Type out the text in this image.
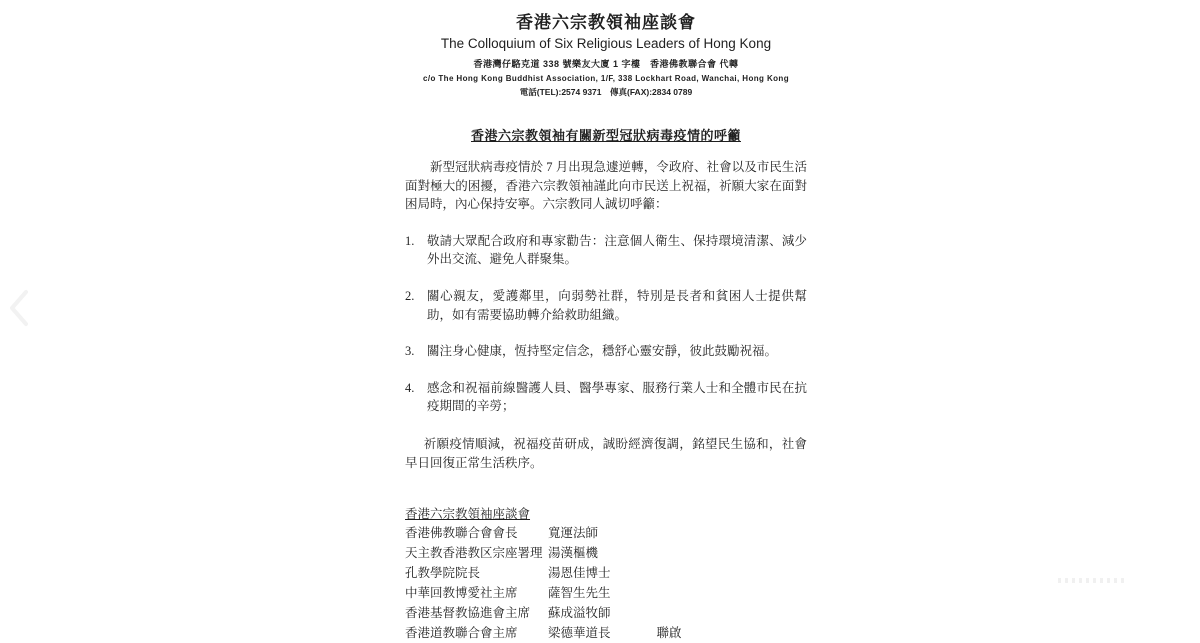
香港六宗教領袖座談會
The Colloquium of Six Religious Leaders of Hong Kong
香港灣仔駱克道 338 號樂友大廈 1 字樓　香港佛教聯合會 代轉
c/o The Hong Kong Buddhist Association, 1/F, 338 Lockhart Road, Wanchai, Hong Kong
電話(TEL):2574 9371　傳真(FAX):2834 0789
香港六宗教領袖有關新型冠狀病毒疫情的呼籲

新型冠狀病毒疫情於 7 月出現急遽逆轉，令政府、社會以及市民生活面對極大的困擾，香港六宗教領袖謹此向市民送上祝福，祈願大家在面對困局時，內心保持安寧。六宗教同人誠切呼籲：

1.	敬請大眾配合政府和專家勸告：注意個人衛生、保持環境清潔、減少外出交流、避免人群聚集。
2.	關心親友，愛護鄰里，向弱勢社群，特別是長者和貧困人士提供幫助，如有需要協助轉介給救助組織。
3.	關注身心健康，恆持堅定信念，穩舒心靈安靜，彼此鼓勵祝福。
4.	感念和祝福前線醫護人員、醫學專家、服務行業人士和全體市民在抗疫期間的辛勞；

祈願疫情順減，祝福疫苗研成，誠盼經濟復調，銘望民生協和，社會早日回復正常生活秩序。

香港六宗教領袖座談會
香港佛教聯合會會長	寬運法師
天主教香港教区宗座署理 湯漢樞機
孔教學院院長	湯恩佳博士
中華回教博愛社主席	薩智生先生
香港基督教協進會主席	蘇成溢牧師
香港道教聯合會主席	梁德華道長	聯啟
